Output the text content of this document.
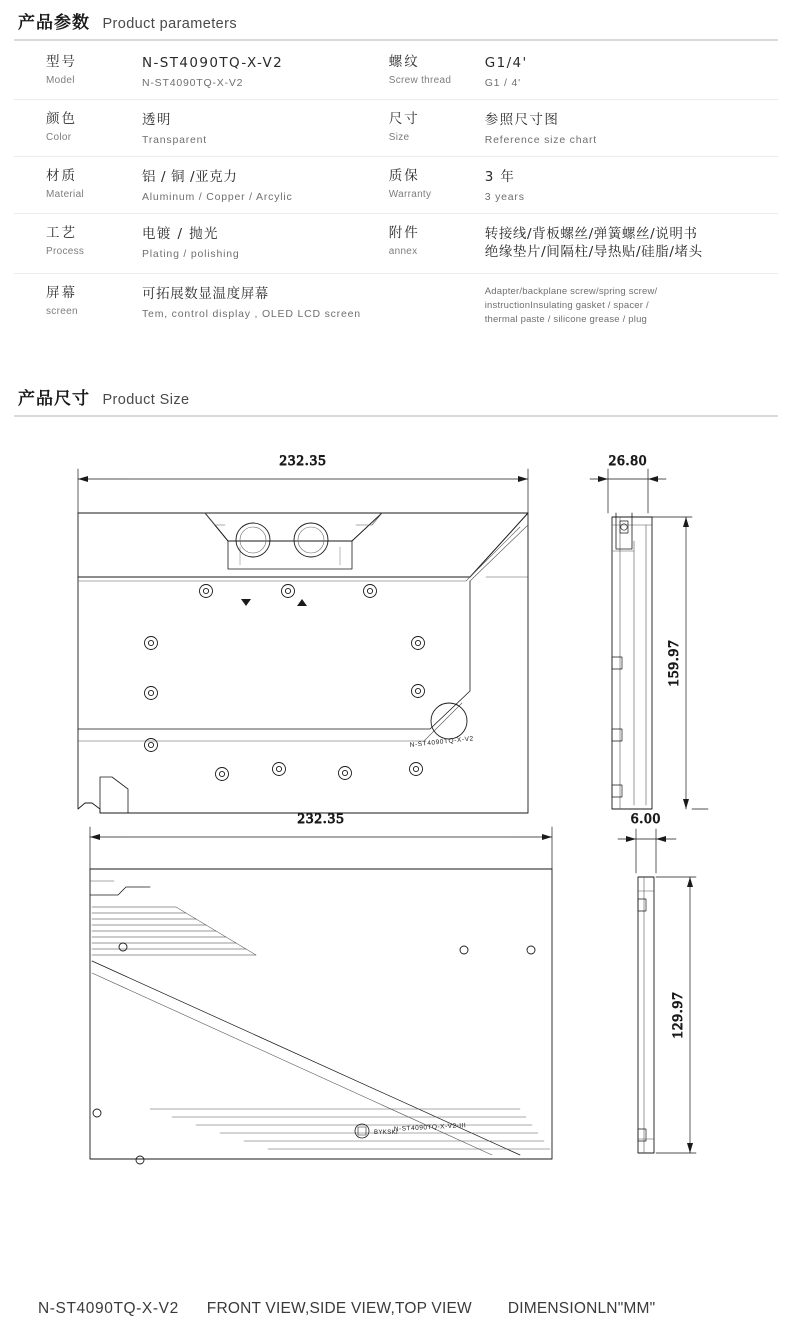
产品参数 Product parameters
型号
Model
N-ST4090TQ-X-V2
N-ST4090TQ-X-V2
螺纹
Screw thread
G1/4'
G1 / 4'
颜色
Color
透明
Transparent
尺寸
Size
参照尺寸图
Reference size chart
材质
Material
铝 / 铜 /亚克力
Aluminum / Copper / Arcylic
质保
Warranty
3 年
3 years
工艺
Process
电镀 / 抛光
Plating / polishing
附件
annex
转接线/背板螺丝/弹簧螺丝/说明书
绝缘垫片/间隔柱/导热贴/硅脂/堵头
屏幕
screen
可拓展数显温度屏幕
Tem, control display , OLED LCD screen
Adapter/backplane screw/spring screw/
instructionInsulating gasket / spacer /
thermal paste / silicone grease / plug
产品尺寸 Product Size
232.35
N-ST4090TQ-X-V2
26.80
159.97
232.35
BYKSKI
N-ST4090TQ-X-V2-III
6.00
129.97
N-ST4090TQ-X-V2 FRONT VIEW,SIDE VIEW,TOP VIEW DIMENSIONLN"MM"
